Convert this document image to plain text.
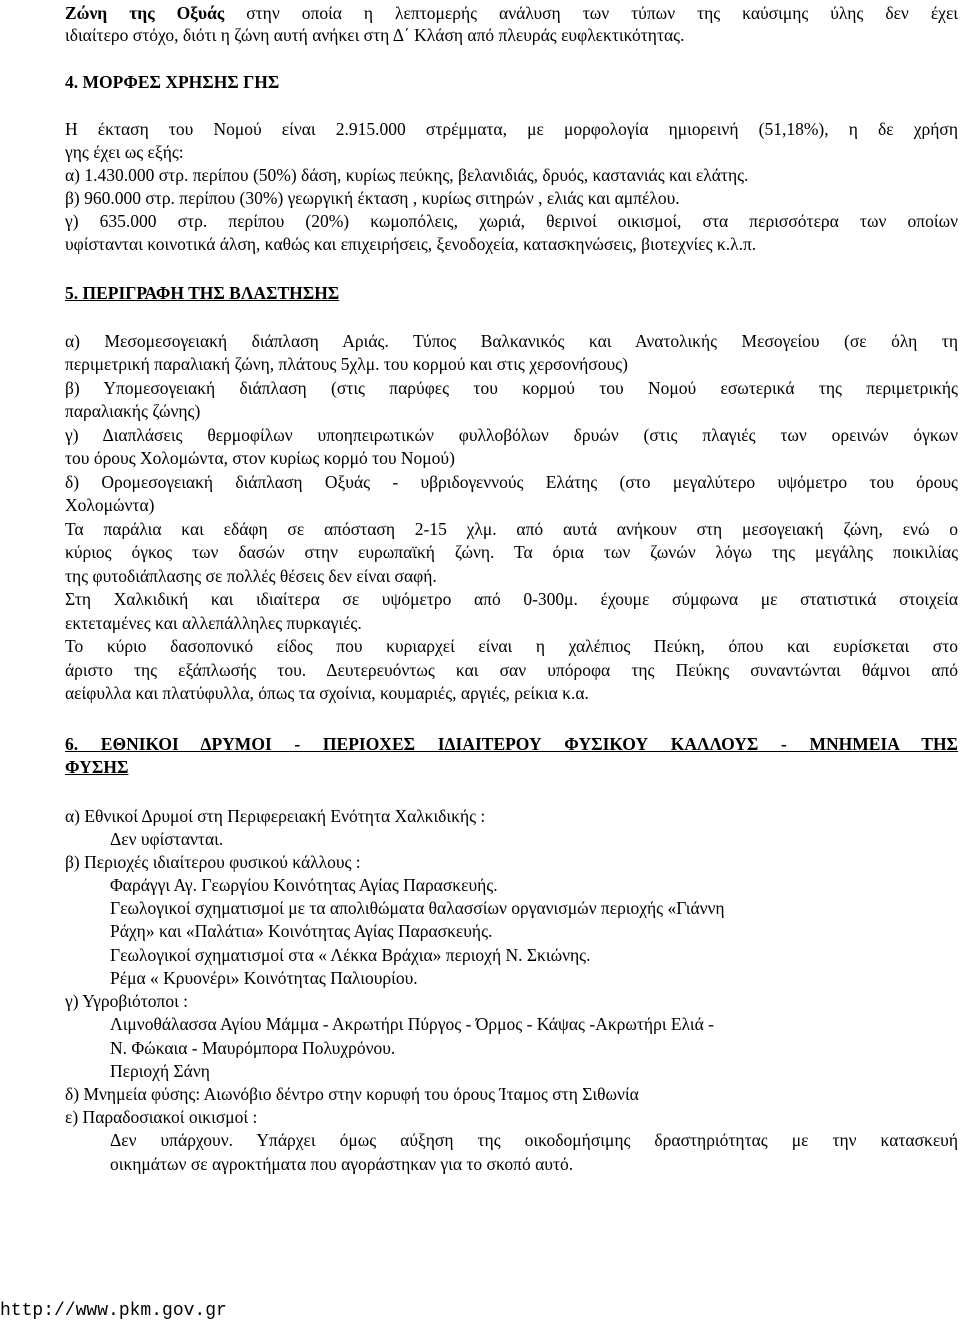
Ζώνη της Οξυάς στην οποία η λεπτομερής ανάλυση των τύπων της καύσιμης ύλης δεν έχει
ιδιαίτερο στόχο, διότι η ζώνη αυτή ανήκει στη Δ΄ Κλάση από πλευράς ευφλεκτικότητας.
4. ΜΟΡΦΕΣ ΧΡΗΣΗΣ ΓΗΣ
Η έκταση του Νομού είναι 2.915.000 στρέμματα, με μορφολογία ημιορεινή (51,18%), η δε χρήση
γης έχει ως εξής:
α) 1.430.000 στρ. περίπου (50%) δάση, κυρίως πεύκης, βελανιδιάς, δρυός, καστανιάς και ελάτης.
β) 960.000 στρ. περίπου (30%) γεωργική έκταση , κυρίως σιτηρών , ελιάς και αμπέλου.
γ) 635.000 στρ. περίπου (20%) κωμοπόλεις, χωριά, θερινοί οικισμοί, στα περισσότερα των οποίων
υφίστανται κοινοτικά άλση, καθώς και επιχειρήσεις, ξενοδοχεία, κατασκηνώσεις, βιοτεχνίες κ.λ.π.
5. ΠΕΡΙΓΡΑΦΗ ΤΗΣ ΒΛΑΣΤΗΣΗΣ
α) Μεσομεσογειακή διάπλαση Αριάς. Τύπος Βαλκανικός και Ανατολικής Μεσογείου (σε όλη τη
περιμετρική παραλιακή ζώνη, πλάτους 5χλμ. του κορμού και στις χερσονήσους)
β) Υπομεσογειακή διάπλαση (στις παρύφες του κορμού του Νομού εσωτερικά της περιμετρικής
παραλιακής ζώνης)
γ) Διαπλάσεις θερμοφίλων υποηπειρωτικών φυλλοβόλων δρυών (στις πλαγιές των ορεινών όγκων
του όρους Χολομώντα, στον κυρίως κορμό του Νομού)
δ) Ορομεσογειακή διάπλαση Οξυάς - υβριδογεννούς Ελάτης (στο μεγαλύτερο υψόμετρο του όρους
Χολομώντα)
Τα παράλια και εδάφη σε απόσταση 2-15 χλμ. από αυτά ανήκουν στη μεσογειακή ζώνη, ενώ ο
κύριος όγκος των δασών στην ευρωπαϊκή ζώνη. Τα όρια των ζωνών λόγω της μεγάλης ποικιλίας
της φυτοδιάπλασης σε πολλές θέσεις δεν είναι σαφή.
Στη Χαλκιδική και ιδιαίτερα σε υψόμετρο από 0-300μ. έχουμε σύμφωνα με στατιστικά στοιχεία
εκτεταμένες και αλλεπάλληλες πυρκαγιές.
Το κύριο δασοπονικό είδος που κυριαρχεί είναι η χαλέπιος Πεύκη, όπου και ευρίσκεται στο
άριστο της εξάπλωσής του. Δευτερευόντως και σαν υπόροφα της Πεύκης συναντώνται θάμνοι από
αείφυλλα και πλατύφυλλα, όπως τα σχοίνια, κουμαριές, αργιές, ρείκια κ.α.
6. ΕΘΝΙΚΟΙ ΔΡΥΜΟΙ - ΠΕΡΙΟΧΕΣ ΙΔΙΑΙΤΕΡΟΥ ΦΥΣΙΚΟΥ ΚΑΛΛΟΥΣ - ΜΝΗΜΕΙΑ ΤΗΣ
ΦΥΣΗΣ
α) Εθνικοί Δρυμοί στη Περιφερειακή Ενότητα Χαλκιδικής :
Δεν υφίστανται.
β) Περιοχές ιδιαίτερου φυσικού κάλλους :
Φαράγγι Αγ. Γεωργίου Κοινότητας Αγίας Παρασκευής.
Γεωλογικοί σχηματισμοί με τα απολιθώματα θαλασσίων οργανισμών περιοχής «Γιάννη
Ράχη» και «Παλάτια» Κοινότητας Αγίας Παρασκευής.
Γεωλογικοί σχηματισμοί στα « Λέκκα Βράχια» περιοχή Ν. Σκιώνης.
Ρέμα « Κρυονέρι» Κοινότητας Παλιουρίου.
γ) Υγροβιότοποι :
Λιμνοθάλασσα Αγίου Μάμμα - Ακρωτήρι Πύργος - Όρμος - Κάψας -Ακρωτήρι Ελιά -
Ν. Φώκαια - Μαυρόμπορα Πολυχρόνου.
Περιοχή Σάνη
δ) Μνημεία φύσης: Αιωνόβιο δέντρο στην κορυφή του όρους Ίταμος στη Σιθωνία
ε) Παραδοσιακοί οικισμοί :
Δεν υπάρχουν. Υπάρχει όμως αύξηση της οικοδομήσιμης δραστηριότητας με την κατασκευή
οικημάτων σε αγροκτήματα που αγοράστηκαν για το σκοπό αυτό.
http://www.pkm.gov.gr
